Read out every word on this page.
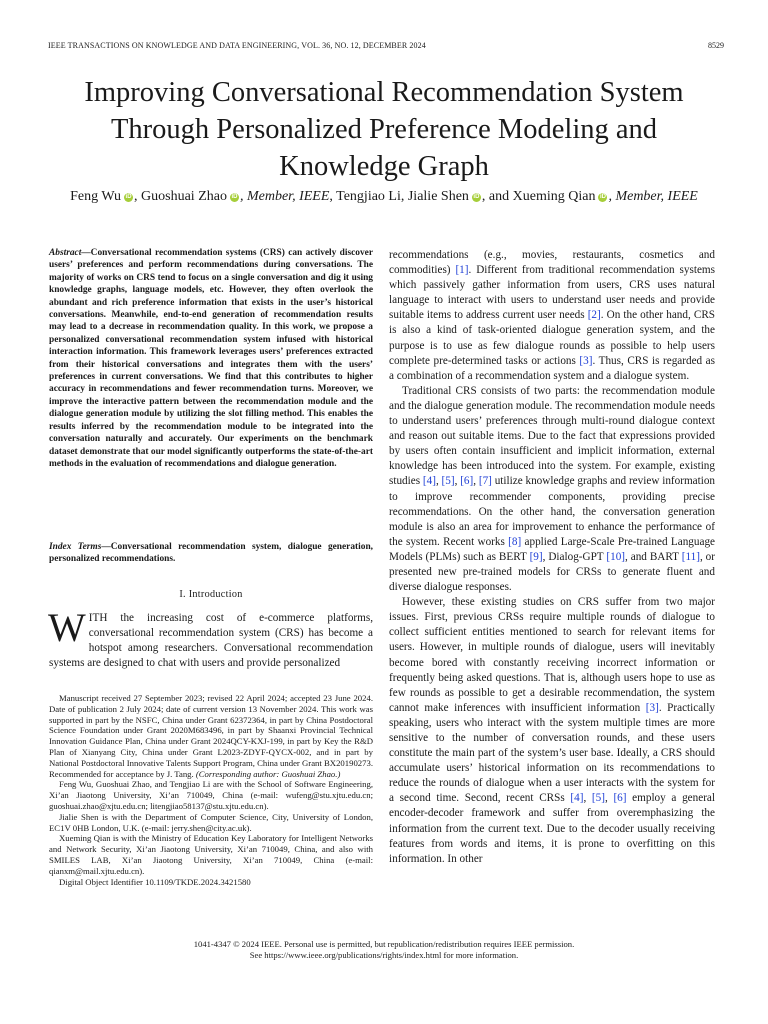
IEEE TRANSACTIONS ON KNOWLEDGE AND DATA ENGINEERING, VOL. 36, NO. 12, DECEMBER 2024	8529
Improving Conversational Recommendation System
Through Personalized Preference Modeling and
Knowledge Graph
Feng Wu iD , Guoshuai Zhao iD , Member, IEEE, Tengjiao Li, Jialie Shen iD , and Xueming Qian iD , Member, IEEE
Abstract—Conversational recommendation systems (CRS) can actively discover users’ preferences and perform recommendations during conversations. The majority of works on CRS tend to focus on a single conversation and dig it using knowledge graphs, language models, etc. However, they often overlook the abundant and rich preference information that exists in the user’s historical conversations. Meanwhile, end-to-end generation of recommendation results may lead to a decrease in recommendation quality. In this work, we propose a personalized conversational recommendation system infused with historical interaction information. This framework leverages users’ preferences extracted from their historical conversations and integrates them with the users’ preferences in current conversations. We find that this contributes to higher accuracy in recommendations and fewer recommendation turns. Moreover, we improve the interactive pattern between the recommendation module and the dialogue generation module by utilizing the slot filling method. This enables the results inferred by the recommendation module to be integrated into the conversation naturally and accurately. Our experiments on the benchmark dataset demonstrate that our model significantly outperforms the state-of-the-art methods in the evaluation of recommendations and dialogue generation.
Index Terms—Conversational recommendation system, dialogue generation, personalized recommendations.
I. Introduction
WITH the increasing cost of e-commerce platforms, conversational recommendation system (CRS) has become a hotspot among researchers. Conversational recommendation systems are designed to chat with users and provide personalized

Manuscript received 27 September 2023; revised 22 April 2024; accepted 23 June 2024. Date of publication 2 July 2024; date of current version 13 November 2024. This work was supported in part by the NSFC, China under Grant 62372364, in part by China Postdoctoral Science Foundation under Grant 2020M683496, in part by Shaanxi Provincial Technical Innovation Guidance Plan, China under Grant 2024QCY-KXJ-199, in part by Key the R&D Plan of Xianyang City, China under Grant L2023-ZDYF-QYCX-002, and in part by National Postdoctoral Innovative Talents Support Program, China under Grant BX20190273. Recommended for acceptance by J. Tang. (Corresponding author: Guoshuai Zhao.)

Feng Wu, Guoshuai Zhao, and Tengjiao Li are with the School of Software Engineering, Xi’an Jiaotong University, Xi’an 710049, China (e-mail: wufeng@stu.xjtu.edu.cn; guoshuai.zhao@xjtu.edu.cn; litengjiao58137@stu.xjtu.edu.cn).

Jialie Shen is with the Department of Computer Science, City, University of London, EC1V 0HB London, U.K. (e-mail: jerry.shen@city.ac.uk).

Xueming Qian is with the Ministry of Education Key Laboratory for Intelligent Networks and Network Security, Xi’an Jiaotong University, Xi’an 710049, China, and also with SMILES LAB, Xi’an Jiaotong University, Xi’an 710049, China (e-mail: qianxm@mail.xjtu.edu.cn).

Digital Object Identifier 10.1109/TKDE.2024.3421580

recommendations (e.g., movies, restaurants, cosmetics and commodities) [1]. Different from traditional recommendation systems which passively gather information from users, CRS uses natural language to interact with users to understand user needs and provide suitable items to address current user needs [2]. On the other hand, CRS is also a kind of task-oriented dialogue generation system, and the purpose is to use as few dialogue rounds as possible to help users complete pre-determined tasks or actions [3]. Thus, CRS is regarded as a combination of a recommendation system and a dialogue system.

Traditional CRS consists of two parts: the recommendation module and the dialogue generation module. The recommendation module needs to understand users’ preferences through multi-round dialogue context and reason out suitable items. Due to the fact that expressions provided by users often contain insufficient and implicit information, external knowledge has been introduced into the system. For example, existing studies [4], [5], [6], [7] utilize knowledge graphs and review information to improve recommender components, providing precise recommendations. On the other hand, the conversation generation module is also an area for improvement to enhance the performance of the system. Recent works [8] applied Large-Scale Pre-trained Language Models (PLMs) such as BERT [9], Dialog-GPT [10], and BART [11], or presented new pre-trained models for CRSs to generate fluent and diverse dialogue responses.

However, these existing studies on CRS suffer from two major issues. First, previous CRSs require multiple rounds of dialogue to collect sufficient entities mentioned to search for relevant items for users. However, in multiple rounds of dialogue, users will inevitably become bored with constantly receiving incorrect information or frequently being asked questions. That is, although users hope to use as few rounds as possible to get a desirable recommendation, the system cannot make inferences with insufficient information [3]. Practically speaking, users who interact with the system multiple times are more sensitive to the number of conversation rounds, and these users constitute the main part of the system’s user base. Ideally, a CRS should accumulate users’ historical information on its recommendations to reduce the rounds of dialogue when a user interacts with the system for a second time. Second, recent CRSs [4], [5], [6] employ a general encoder-decoder framework and suffer from overemphasizing the information from the current text. Due to the decoder usually receiving features from words and items, it is prone to overfitting on this information. In other

1041-4347 © 2024 IEEE. Personal use is permitted, but republication/redistribution requires IEEE permission.
See https://www.ieee.org/publications/rights/index.html for more information.
